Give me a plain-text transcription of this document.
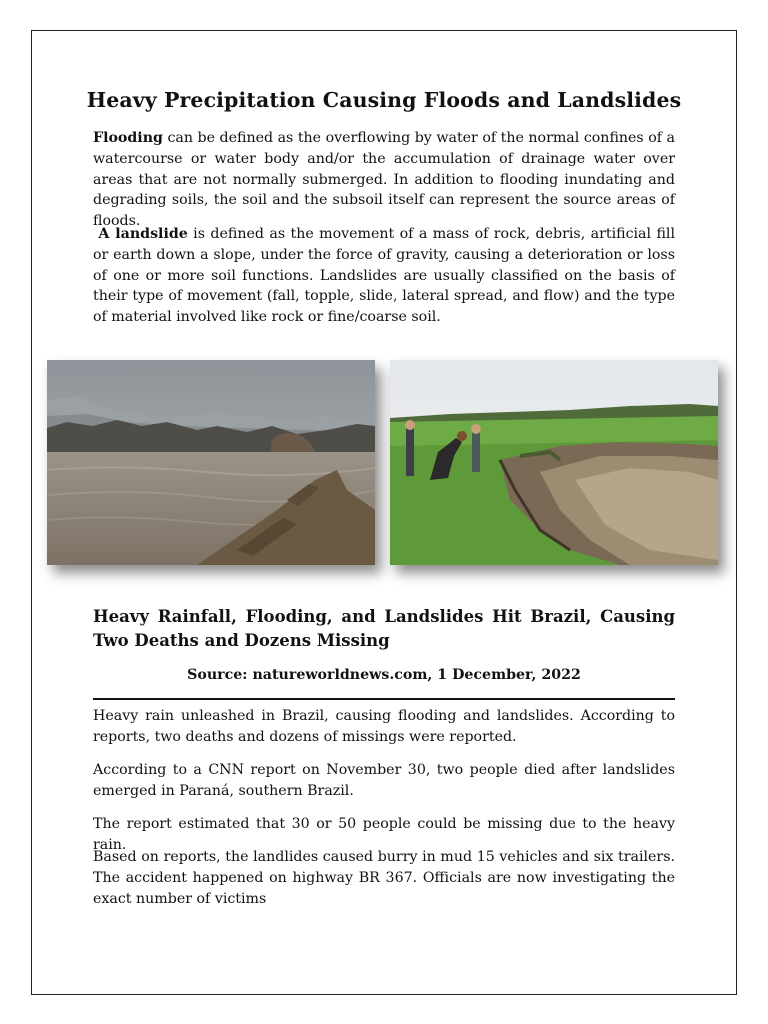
Heavy Precipitation Causing Floods and Landslides

Flooding can be defined as the overflowing by water of the normal confines of a watercourse or water body and/or the accumulation of drainage water over areas that are not normally submerged. In addition to flooding inundating and degrading soils, the soil and the subsoil itself can represent the source areas of floods.

A landslide is defined as the movement of a mass of rock, debris, artificial fill or earth down a slope, under the force of gravity, causing a deterioration or loss of one or more soil functions. Landslides are usually classified on the basis of their type of movement (fall, topple, slide, lateral spread, and flow) and the type of material involved like rock or fine/coarse soil.

Heavy Rainfall, Flooding, and Landslides Hit Brazil, Causing Two Deaths and Dozens Missing

Source: natureworldnews.com, 1 December, 2022

Heavy rain unleashed in Brazil, causing flooding and landslides. According to reports, two deaths and dozens of missings were reported.

According to a CNN report on November 30, two people died after landslides emerged in Paraná, southern Brazil.

The report estimated that 30 or 50 people could be missing due to the heavy rain.

Based on reports, the landlides caused burry in mud 15 vehicles and six trailers. The accident happened on highway BR 367. Officials are now investigating the exact number of victims
